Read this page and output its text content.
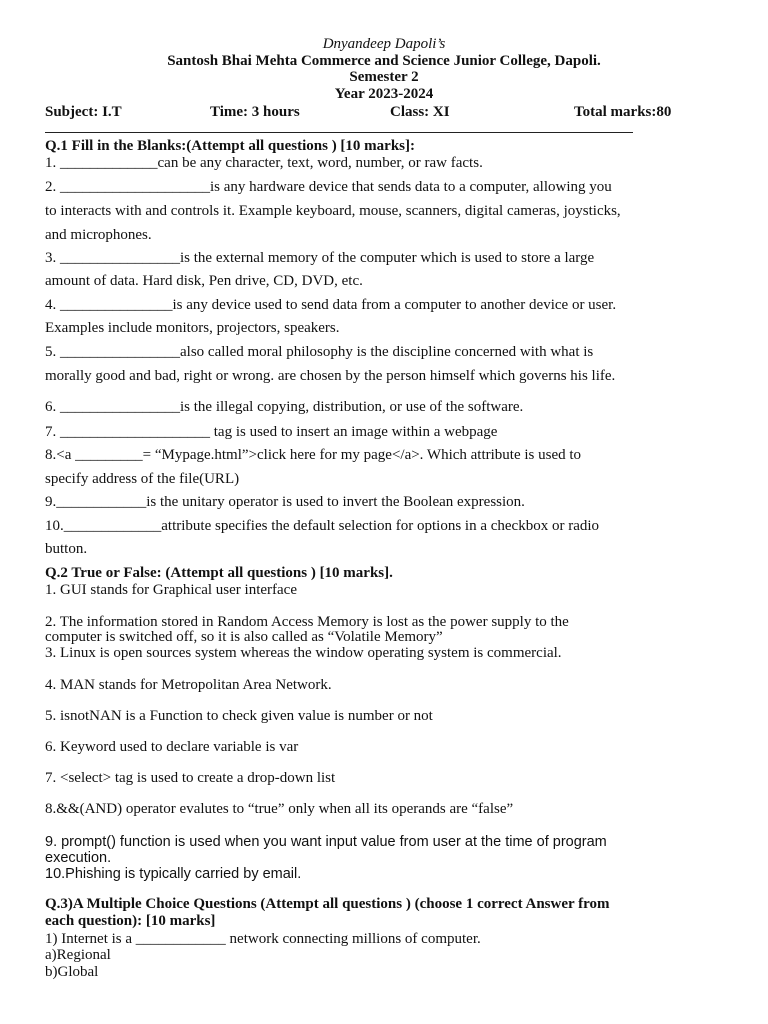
Dnyandeep Dapoli’s
Santosh Bhai Mehta Commerce and Science Junior College, Dapoli.
Semester 2
Year 2023-2024
Subject: I.T	Time: 3 hours	Class: XI	Total marks:80
Q.1 Fill in the Blanks:(Attempt all questions ) [10 marks]:
1. _____________can be any character, text, word, number, or raw facts.
2. ____________________is any hardware device that sends data to a computer, allowing you
to interacts with and controls it. Example keyboard, mouse, scanners, digital cameras, joysticks,
and microphones.
3. ________________is the external memory of the computer which is used to store a large
amount of data. Hard disk, Pen drive, CD, DVD, etc.
4. _______________is any device used to send data from a computer to another device or user.
Examples include monitors, projectors, speakers.
5. ________________also called moral philosophy is the discipline concerned with what is
morally good and bad, right or wrong. are chosen by the person himself which governs his life.
6. ________________is the illegal copying, distribution, or use of the software.
7. ____________________ tag is used to insert an image within a webpage
8.<a _________= “Mypage.html”>click here for my page</a>. Which attribute is used to
specify address of the file(URL)
9.____________is the unitary operator is used to invert the Boolean expression.
10._____________attribute specifies the default selection for options in a checkbox or radio
button.
Q.2 True or False: (Attempt all questions ) [10 marks].
1. GUI stands for Graphical user interface
2. The information stored in Random Access Memory is lost as the power supply to the
computer is switched off, so it is also called as “Volatile Memory”
3. Linux is open sources system whereas the window operating system is commercial.
4. MAN stands for Metropolitan Area Network.
5. isnotNAN is a Function to check given value is number or not
6. Keyword used to declare variable is var
7. <select> tag is used to create a drop-down list
8.&&(AND) operator evalutes to “true” only when all its operands are “false”
9. prompt() function is used when you want input value from user at the time of program
execution.
10.Phishing is typically carried by email.
Q.3)A Multiple Choice Questions (Attempt all questions ) (choose 1 correct Answer from
each question): [10 marks]
1) Internet is a ____________ network connecting millions of computer.
a)Regional
b)Global
